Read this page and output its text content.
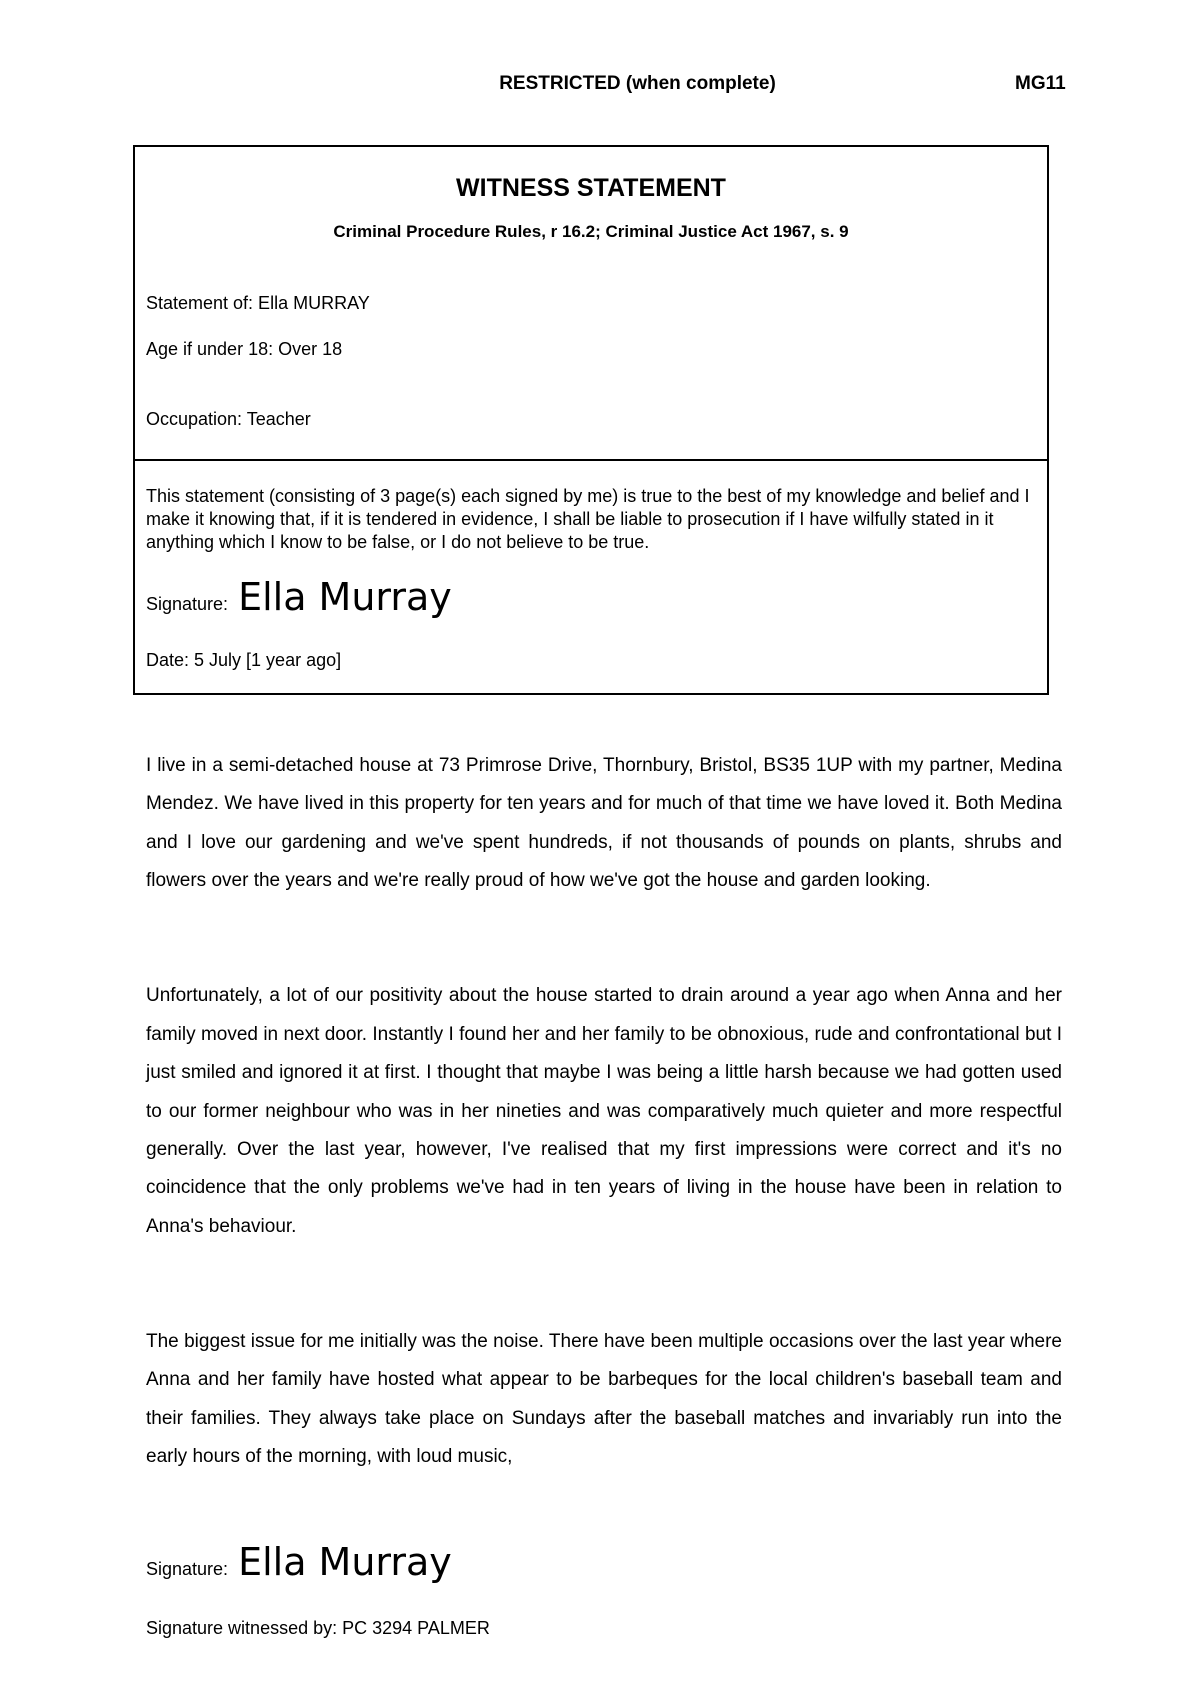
RESTRICTED (when complete)	MG11
WITNESS STATEMENT
Criminal Procedure Rules, r 16.2; Criminal Justice Act 1967, s. 9
Statement of: Ella MURRAY
Age if under 18: Over 18
Occupation: Teacher
This statement (consisting of 3 page(s) each signed by me) is true to the best of my knowledge and belief and I make it knowing that, if it is tendered in evidence, I shall be liable to prosecution if I have wilfully stated in it anything which I know to be false, or I do not believe to be true.
Signature: Ella Murray
Date: 5 July [1 year ago]

I live in a semi-detached house at 73 Primrose Drive, Thornbury, Bristol, BS35 1UP with my partner, Medina Mendez. We have lived in this property for ten years and for much of that time we have loved it. Both Medina and I love our gardening and we've spent hundreds, if not thousands of pounds on plants, shrubs and flowers over the years and we're really proud of how we've got the house and garden looking.

Unfortunately, a lot of our positivity about the house started to drain around a year ago when Anna and her family moved in next door. Instantly I found her and her family to be obnoxious, rude and confrontational but I just smiled and ignored it at first. I thought that maybe I was being a little harsh because we had gotten used to our former neighbour who was in her nineties and was comparatively much quieter and more respectful generally. Over the last year, however, I've realised that my first impressions were correct and it's no coincidence that the only problems we've had in ten years of living in the house have been in relation to Anna's behaviour.

The biggest issue for me initially was the noise. There have been multiple occasions over the last year where Anna and her family have hosted what appear to be barbeques for the local children's baseball team and their families. They always take place on Sundays after the baseball matches and invariably run into the early hours of the morning, with loud music,

Signature: Ella Murray
Signature witnessed by: PC 3294 PALMER
